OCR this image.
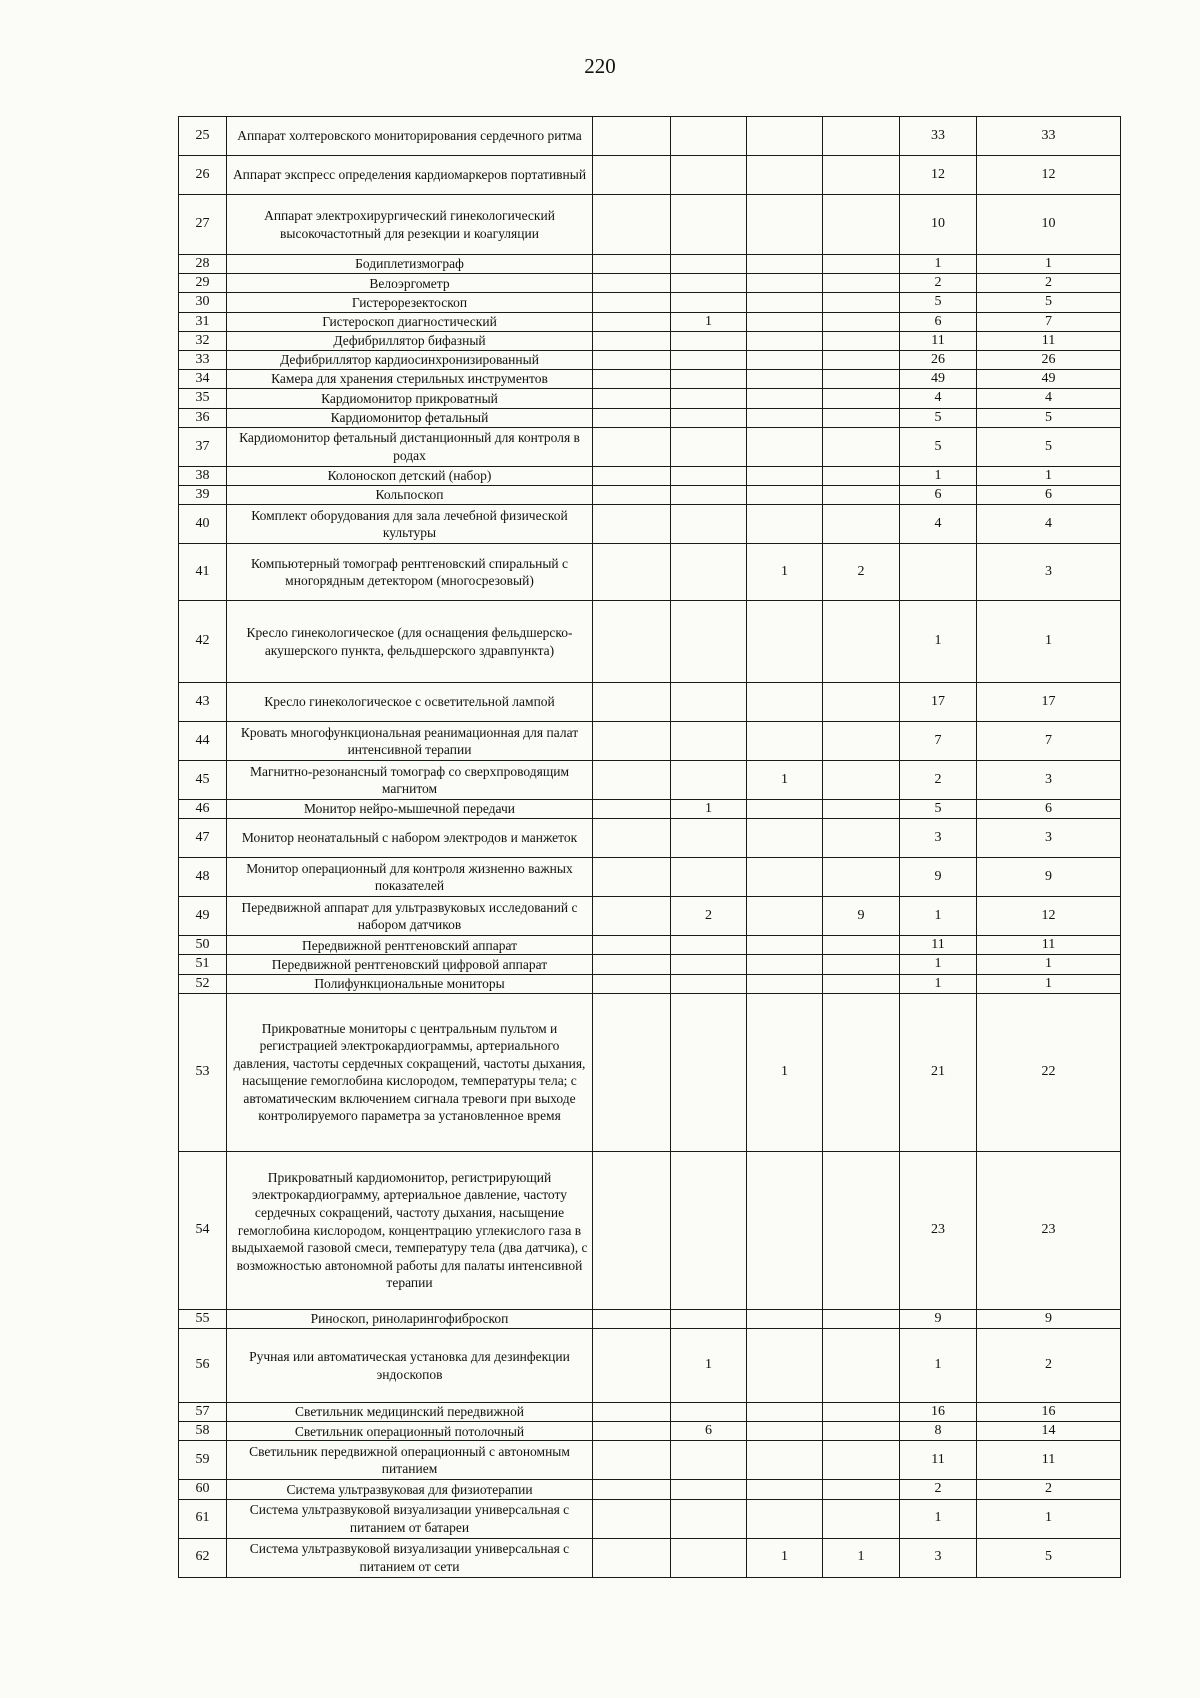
220
25	Аппарат холтеровского мониторирования сердечного ритма					33	33
26	Аппарат экспресс определения кардиомаркеров портативный					12	12
27	Аппарат электрохирургический гинекологический высокочастотный для резекции и коагуляции					10	10
28	Бодиплетизмограф					1	1
29	Велоэргометр					2	2
30	Гистерорезектоскоп					5	5
31	Гистероскоп диагностический		1			6	7
32	Дефибриллятор бифазный					11	11
33	Дефибриллятор кардиосинхронизированный					26	26
34	Камера для хранения стерильных инструментов					49	49
35	Кардиомонитор прикроватный					4	4
36	Кардиомонитор фетальный					5	5
37	Кардиомонитор фетальный дистанционный для контроля в родах					5	5
38	Колоноскоп детский (набор)					1	1
39	Кольпоскоп					6	6
40	Комплект оборудования для зала лечебной физической культуры					4	4
41	Компьютерный томограф рентгеновский спиральный с многорядным детектором (многосрезовый)			1	2		3
42	Кресло гинекологическое (для оснащения фельдшерско-акушерского пункта, фельдшерского здравпункта)					1	1
43	Кресло гинекологическое с осветительной лампой					17	17
44	Кровать многофункциональная реанимационная для палат интенсивной терапии					7	7
45	Магнитно-резонансный томограф со сверхпроводящим магнитом			1		2	3
46	Монитор нейро-мышечной передачи		1			5	6
47	Монитор неонатальный с набором электродов и манжеток					3	3
48	Монитор операционный для контроля жизненно важных показателей					9	9
49	Передвижной аппарат для ультразвуковых исследований с набором датчиков		2		9	1	12
50	Передвижной рентгеновский аппарат					11	11
51	Передвижной рентгеновский цифровой аппарат					1	1
52	Полифункциональные мониторы					1	1
53	Прикроватные мониторы с центральным пультом и регистрацией электрокардиограммы, артериального давления, частоты сердечных сокращений, частоты дыхания, насыщение гемоглобина кислородом, температуры тела; с автоматическим включением сигнала тревоги при выходе контролируемого параметра за установленное время			1		21	22
54	Прикроватный кардиомонитор, регистрирующий электрокардиограмму, артериальное давление, частоту сердечных сокращений, частоту дыхания, насыщение гемоглобина кислородом, концентрацию углекислого газа в выдыхаемой газовой смеси, температуру тела (два датчика), с возможностью автономной работы для палаты интенсивной терапии					23	23
55	Риноскоп, риноларингофиброскоп					9	9
56	Ручная или автоматическая установка для дезинфекции эндоскопов		1			1	2
57	Светильник медицинский передвижной					16	16
58	Светильник операционный потолочный		6			8	14
59	Светильник передвижной операционный с автономным питанием					11	11
60	Система ультразвуковая для физиотерапии					2	2
61	Система ультразвуковой визуализации универсальная с питанием от батареи					1	1
62	Система ультразвуковой визуализации универсальная с питанием от сети			1	1	3	5
